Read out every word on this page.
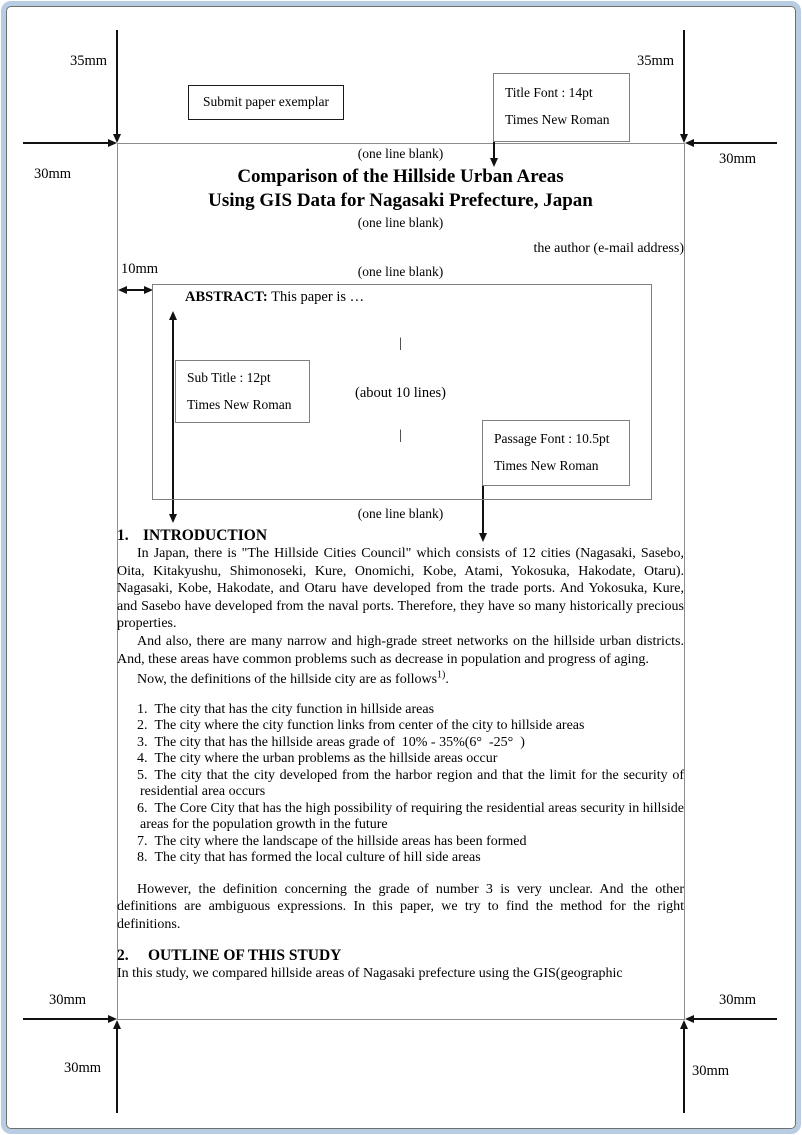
35mm
30mm
35mm
30mm
10mm
30mm
30mm
30mm
30mm
Submit paper exemplar
Title Font : 14pt
Times New Roman
Sub Title : 12pt
Times New Roman
Passage Font : 10.5pt
Times New Roman
(one line blank)
Comparison of the Hillside Urban Areas
Using GIS Data for Nagasaki Prefecture, Japan
(one line blank)
the author (e-mail address)
(one line blank)
ABSTRACT: This paper is …
|
(about 10 lines)
|
(one line blank)
1. INTRODUCTION

In Japan, there is "The Hillside Cities Council" which consists of 12 cities (Nagasaki, Sasebo, Oita, Kitakyushu, Shimonoseki, Kure, Onomichi, Kobe, Atami, Yokosuka, Hakodate, Otaru). Nagasaki, Kobe, Hakodate, and Otaru have developed from the trade ports. And Yokosuka, Kure, and Sasebo have developed from the naval ports. Therefore, they have so many historically precious properties.

And also, there are many narrow and high-grade street networks on the hillside urban districts. And, these areas have common problems such as decrease in population and progress of aging.

Now, the definitions of the hillside city are as follows$^{1)}$.

1. The city that has the city function in hillside areas
2. The city where the city function links from center of the city to hillside areas
3. The city that has the hillside areas grade of  10% - 35%(6°  -25°  )
4. The city where the urban problems as the hillside areas occur
5. The city that the city developed from the harbor region and that the limit for the security of residential area occurs
6. The Core City that has the high possibility of requiring the residential areas security in hillside areas for the population growth in the future
7. The city where the landscape of the hillside areas has been formed
8. The city that has formed the local culture of hill side areas

However, the definition concerning the grade of number 3 is very unclear. And the other definitions are ambiguous expressions. In this paper, we try to find the method for the right definitions.

2. OUTLINE OF THIS STUDY

In this study, we compared hillside areas of Nagasaki prefecture using the GIS(geographic
